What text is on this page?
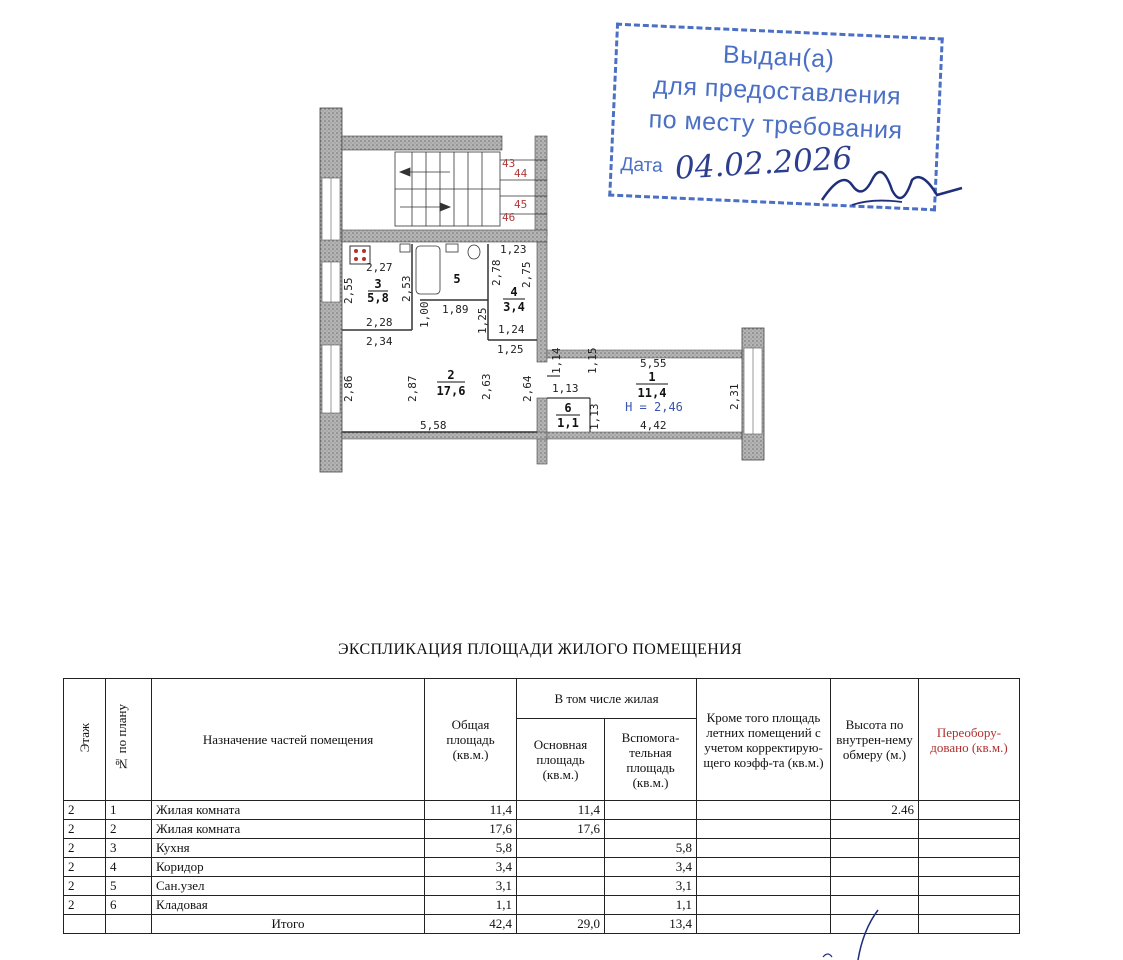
43
44
45
46
3
5,8
5
4
3,4
2
17,6
1
11,4
H = 2,46
6
1,1
2,27
2,55	2,53
2,28
2,34
1,00 1,89
1,23
2,78 2,75
1,25 1,24
1,25
2,86	2,87	2,63	2,64
1,14 1,15
1,13
1,13
5,55
2,31
4,42
5,58
Выдан(а)
для предоставления
по месту требования
Дата 04.02.2026
ЭКСПЛИКАЦИЯ ПЛОЩАДИ ЖИЛОГО ПОМЕЩЕНИЯ
Этаж	№ по плану	Назначение частей помещения	Общая площадь (кв.м.)	В том числе жилая		Кроме того площадь летних помещений с учетом корректирую-щего коэфф-та (кв.м.)	Высота по внутрен-нему обмеру (м.)	Переобору-довано (кв.м.)
				Основная площадь (кв.м.)	Вспомога-тельная площадь (кв.м.)			
2	1	Жилая комната	11,4	11,4			2.46	
2	2	Жилая комната	17,6	17,6				
2	3	Кухня	5,8		5,8			
2	4	Коридор	3,4		3,4			
2	5	Сан.узел	3,1		3,1			
2	6	Кладовая	1,1		1,1			
		Итого	42,4	29,0	13,4			
